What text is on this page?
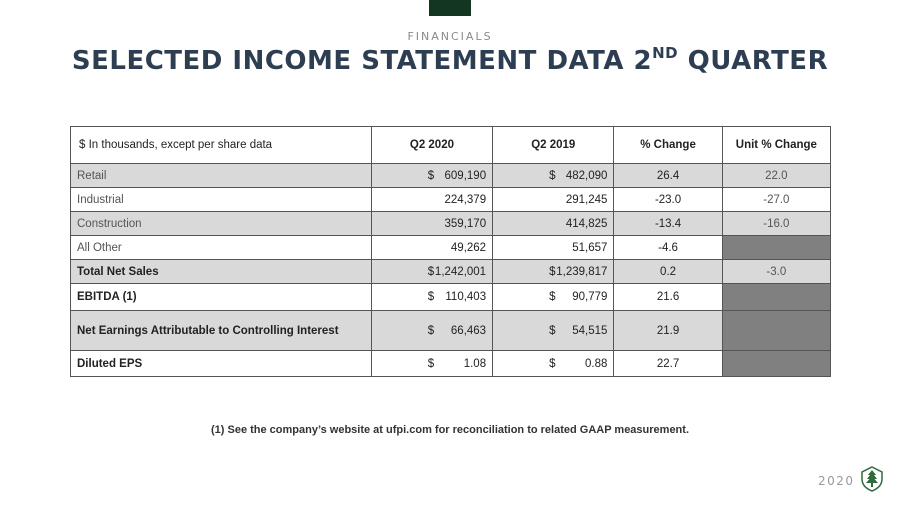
FINANCIALS
SELECTED INCOME STATEMENT DATA 2ND QUARTER
$ In thousands, except per share data	Q2 2020	Q2 2019	% Change	Unit % Change
Retail	$ 609,190	$ 482,090	26.4	22.0
Industrial	224,379	291,245	-23.0	-27.0
Construction	359,170	414,825	-13.4	-16.0
All Other	49,262	51,657	-4.6	
Total Net Sales	$ 1,242,001	$ 1,239,817	0.2	-3.0
EBITDA (1)	$ 110,403	$ 90,779	21.6	
Net Earnings Attributable to Controlling Interest	$ 66,463	$ 54,515	21.9	
Diluted EPS	$ 1.08	$ 0.88	22.7	
(1) See the company’s website at ufpi.com for reconciliation to related GAAP measurement.
2020
